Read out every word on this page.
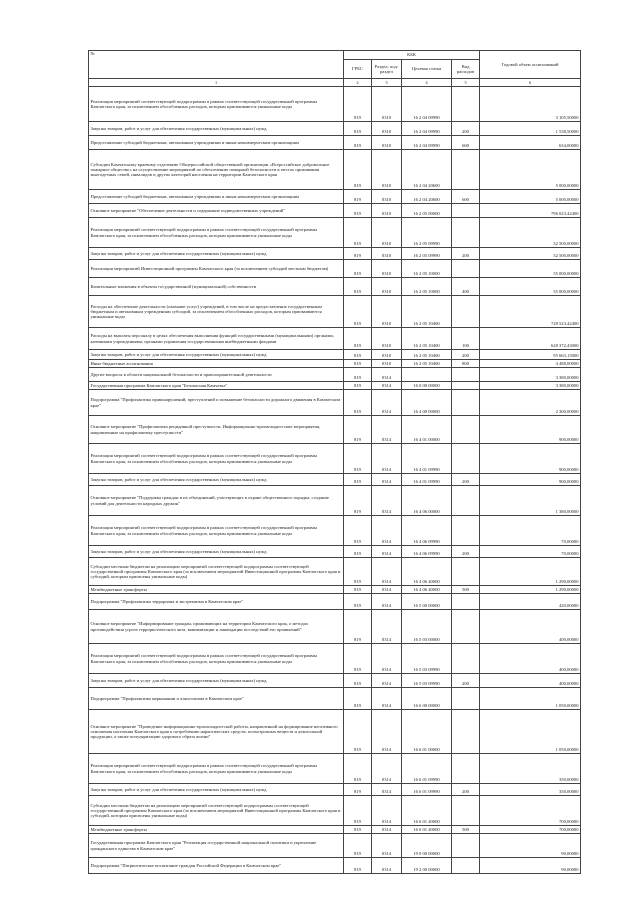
№	КБК				Годовой объем ассигнований
	ГРБС	Раздел, под-раздел	Целевая статья	Вид расходов	
1	2	3	4	5	6
Реализация мероприятий соответствующей подпрограммы в рамках соответствующей государственной программы Камчатского края, за исключением обособленных расходов, которым присваиваются уникальные коды	819	0310	16 2 04 09990		3 105,50000
Закупка товаров, работ и услуг для обеспечения государственных (муниципальных) нужд	819	0310	16 2 04 09990	200	1 538,50000
Предоставление субсидий бюджетным, автономным учреждениям и иным некоммерческим организациям	819	0310	16 2 04 09990	600	634,00000
Субсидии Камчатскому краевому отделению Общероссийской общественной организации «Всероссийское добровольное пожарное общество» на осуществление мероприятий по обеспечению пожарной безопасности в местах проживания многодетных семей, инвалидов и других категорий населения на территории Камчатского края	819	0310	16 2 04 20600		5 000,00000
Предоставление субсидий бюджетным, автономным учреждениям и иным некоммерческим организациям	819	0310	16 2 04 20600	600	5 000,00000
Основное мероприятие "Обеспечение деятельности и содержание подведомственных учреждений"	819	0310	16 2 05 00000		796 023,42400
Реализация мероприятий соответствующей подпрограммы в рамках соответствующей государственной программы Камчатского края, за исключением обособленных расходов, которым присваиваются уникальные коды	819	0310	16 2 05 09990		32 500,00000
Закупка товаров, работ и услуг для обеспечения государственных (муниципальных) нужд	819	0310	16 2 05 09990	200	32 500,00000
Реализация мероприятий Инвестиционной программы Камчатского края (за исключением субсидий местным бюджетам)	819	0310	16 2 05 10000		35 000,00000
Капитальные вложения в объекты государственной (муниципальной) собственности	819	0310	16 2 05 10000	400	35 000,00000
Расходы на обеспечение деятельности (оказание услуг) учреждений, в том числе на предоставление государственным бюджетным и автономным учреждениям субсидий, за исключением обособленных расходов, которым присваиваются уникальные коды	819	0310	16 2 05 10400		728 523,42400
Расходы на выплаты персоналу в целях обеспечения выполнения функций государственными (муниципальными) органами, казенными учреждениями, органами управления государственными внебюджетными фондами	819	0310	16 2 05 10400	100	628 372,43000
Закупка товаров, работ и услуг для обеспечения государственных (муниципальных) нужд	819	0310	16 2 05 10400	200	95 663,15000
Иные бюджетные ассигнования	819	0310	16 2 05 10400	800	4 488,00000
Другие вопросы в области национальной безопасности и правоохранительной деятельности	819	0314			3 380,00000
Государственная программа Камчатского края "Безопасная Камчатка"	819	0314	16 0 00 00000		3 380,00000
Подпрограмма "Профилактика правонарушений, преступлений и повышение безопасности дорожного движения в Камчатском крае"	819	0314	16 4 00 00000		2 300,00000
Основное мероприятие "Профилактика рецидивной преступности. Информационно-пропагандистские мероприятия, направленные на профилактику преступности"	819	0314	16 4 01 00000		900,00000
Реализация мероприятий соответствующей подпрограммы в рамках соответствующей государственной программы Камчатского края, за исключением обособленных расходов, которым присваиваются уникальные коды	819	0314	16 4 01 09990		900,00000
Закупка товаров, работ и услуг для обеспечения государственных (муниципальных) нужд	819	0314	16 4 01 09990	200	900,00000
Основное мероприятие "Поддержка граждан и их объединений, участвующих в охране общественного порядка, создание условий для деятельности народных дружин"	819	0314	16 4 06 00000		1 380,00000
Реализация мероприятий соответствующей подпрограммы в рамках соответствующей государственной программы Камчатского края, за исключением обособленных расходов, которым присваиваются уникальные коды	819	0314	16 4 06 09990		70,00000
Закупка товаров, работ и услуг для обеспечения государственных (муниципальных) нужд	819	0314	16 4 06 09990	200	70,00000
Субсидии местным бюджетам на реализацию мероприятий соответствующей подпрограммы соответствующей государственной программы Камчатского края (за исключением мероприятий Инвестиционной программы Камчатского края и субсидий, которым присвоены уникальные коды)	819	0314	16 4 06 40000		1 290,00000
Межбюджетные трансферты	819	0314	16 4 06 40000	500	1 290,00000
Подпрограмма "Профилактика терроризма и экстремизма в Камчатском крае"	819	0314	16 5 00 00000		420,00000
Основное мероприятие "Информирование граждан, проживающих на территории Камчатского края, о методах противодействия угрозе террористического акта, минимизации и ликвидации последствий его проявлений"	819	0314	16 5 03 00000		400,00000
Реализация мероприятий соответствующей подпрограммы в рамках соответствующей государственной программы Камчатского края, за исключением обособленных расходов, которым присваиваются уникальные коды	819	0314	16 5 03 09990		400,00000
Закупка товаров, работ и услуг для обеспечения государственных (муниципальных) нужд	819	0314	16 5 03 09990	200	400,00000
Подпрограмма "Профилактика наркомании и алкоголизма в Камчатском крае"	819	0314	16 6 00 00000		1 050,00000
Основное мероприятие "Проведение информационно-пропагандистской работы, направленной на формирование негативного отношения населения Камчатского края к потреблению наркотических средств, психотропных веществ и алкогольной продукции, а также популяризацию здорового образа жизни"	819	0314	16 6 01 00000		1 050,00000
Реализация мероприятий соответствующей подпрограммы в рамках соответствующей государственной программы Камчатского края, за исключением обособленных расходов, которым присваиваются уникальные коды	819	0314	16 6 01 09990		350,00000
Закупка товаров, работ и услуг для обеспечения государственных (муниципальных) нужд	819	0314	16 6 01 09990	200	350,00000
Субсидии местным бюджетам на реализацию мероприятий соответствующей подпрограммы соответствующей государственной программы Камчатского края (за исключением мероприятий Инвестиционной программы Камчатского края и субсидий, которым присвоены уникальные коды)	819	0314	16 6 01 40000		700,00000
Межбюджетные трансферты	819	0314	16 6 01 40000	500	700,00000
Государственная программа Камчатского края "Реализация государственной национальной политики и укрепление гражданского единства в Камчатском крае"	819	0314	19 0 00 00000		90,00000
Подпрограмма "Патриотическое воспитание граждан Российской Федерации в Камчатском крае"	819	0314	19 2 00 00000		90,00000
